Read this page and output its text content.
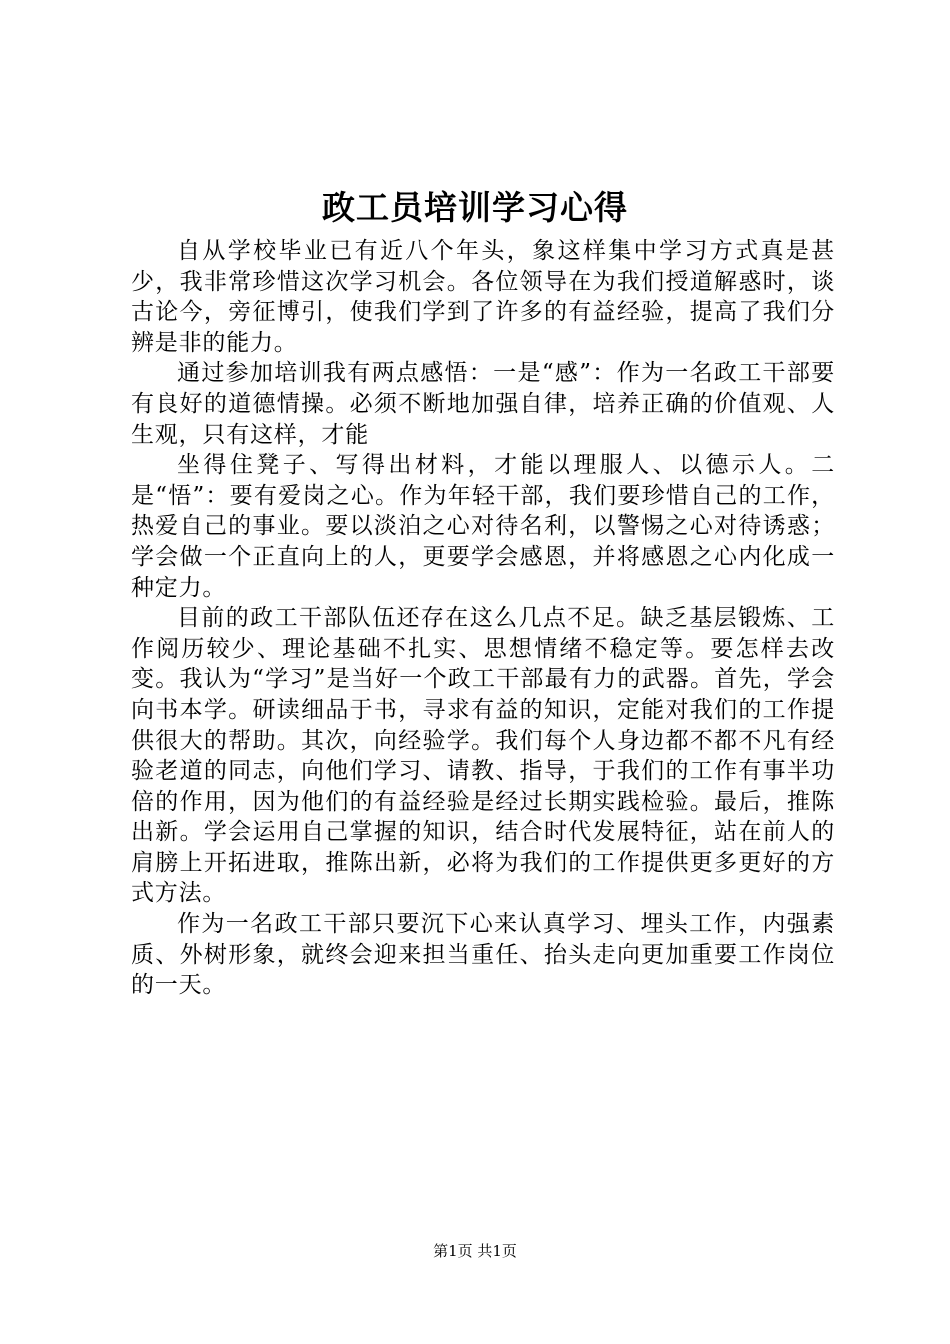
政工员培训学习心得

自从学校毕业已有近八个年头，象这样集中学习方式真是甚少，我非常珍惜这次学习机会。各位领导在为我们授道解惑时，谈古论今，旁征博引，使我们学到了许多的有益经验，提高了我们分辨是非的能力。

通过参加培训我有两点感悟：一是“感”：作为一名政工干部要有良好的道德情操。必须不断地加强自律，培养正确的价值观、人生观，只有这样，才能

坐得住凳子、写得出材料，才能以理服人、以德示人。二是“悟”：要有爱岗之心。作为年轻干部，我们要珍惜自己的工作，热爱自己的事业。要以淡泊之心对待名利，以警惕之心对待诱惑；学会做一个正直向上的人，更要学会感恩，并将感恩之心内化成一种定力。

目前的政工干部队伍还存在这么几点不足。缺乏基层锻炼、工作阅历较少、理论基础不扎实、思想情绪不稳定等。要怎样去改变。我认为“学习”是当好一个政工干部最有力的武器。首先，学会向书本学。研读细品于书，寻求有益的知识，定能对我们的工作提供很大的帮助。其次，向经验学。我们每个人身边都不都不凡有经验老道的同志，向他们学习、请教、指导，于我们的工作有事半功倍的作用，因为他们的有益经验是经过长期实践检验。最后，推陈出新。学会运用自己掌握的知识，结合时代发展特征，站在前人的肩膀上开拓进取，推陈出新，必将为我们的工作提供更多更好的方式方法。

作为一名政工干部只要沉下心来认真学习、埋头工作，内强素质、外树形象，就终会迎来担当重任、抬头走向更加重要工作岗位的一天。

第1页 共1页
